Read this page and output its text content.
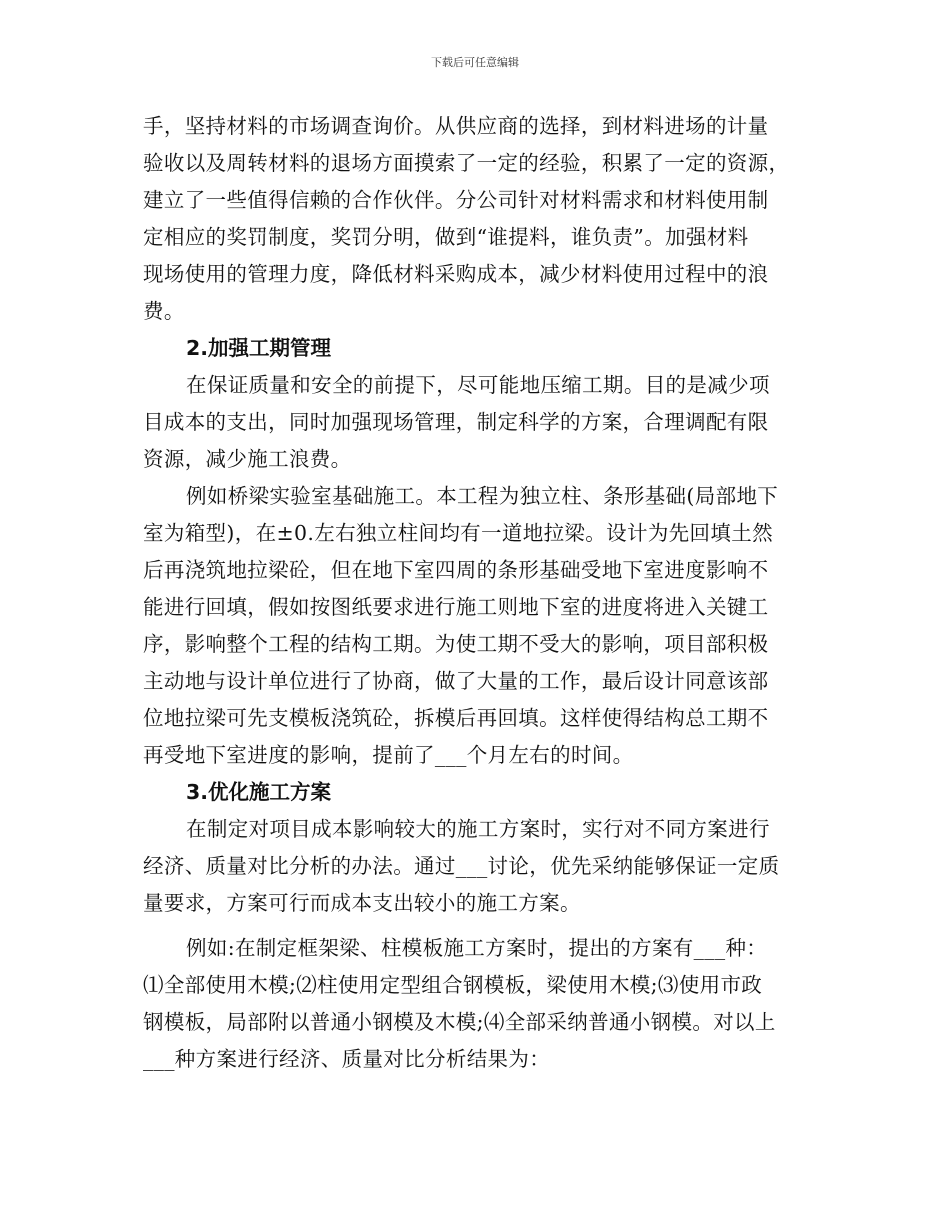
下载后可任意编辑

手，坚持材料的市场调查询价。从供应商的选择，到材料进场的计量

验收以及周转材料的退场方面摸索了一定的经验，积累了一定的资源，

建立了一些值得信赖的合作伙伴。分公司针对材料需求和材料使用制

定相应的奖罚制度，奖罚分明，做到“谁提料，谁负责”。加强材料

现场使用的管理力度，降低材料采购成本，减少材料使用过程中的浪

费。

2.加强工期管理

在保证质量和安全的前提下，尽可能地压缩工期。目的是减少项

目成本的支出，同时加强现场管理，制定科学的方案，合理调配有限

资源，减少施工浪费。

例如桥梁实验室基础施工。本工程为独立柱、条形基础(局部地下

室为箱型)，在±0.左右独立柱间均有一道地拉梁。设计为先回填土然

后再浇筑地拉梁砼，但在地下室四周的条形基础受地下室进度影响不

能进行回填，假如按图纸要求进行施工则地下室的进度将进入关键工

序，影响整个工程的结构工期。为使工期不受大的影响，项目部积极

主动地与设计单位进行了协商，做了大量的工作，最后设计同意该部

位地拉梁可先支模板浇筑砼，拆模后再回填。这样使得结构总工期不

再受地下室进度的影响，提前了___个月左右的时间。

3.优化施工方案

在制定对项目成本影响较大的施工方案时，实行对不同方案进行

经济、质量对比分析的办法。通过___讨论，优先采纳能够保证一定质

量要求，方案可行而成本支出较小的施工方案。

例如:在制定框架梁、柱模板施工方案时，提出的方案有___种：

⑴全部使用木模;⑵柱使用定型组合钢模板，梁使用木模;⑶使用市政

钢模板，局部附以普通小钢模及木模;⑷全部采纳普通小钢模。对以上

___种方案进行经济、质量对比分析结果为：
